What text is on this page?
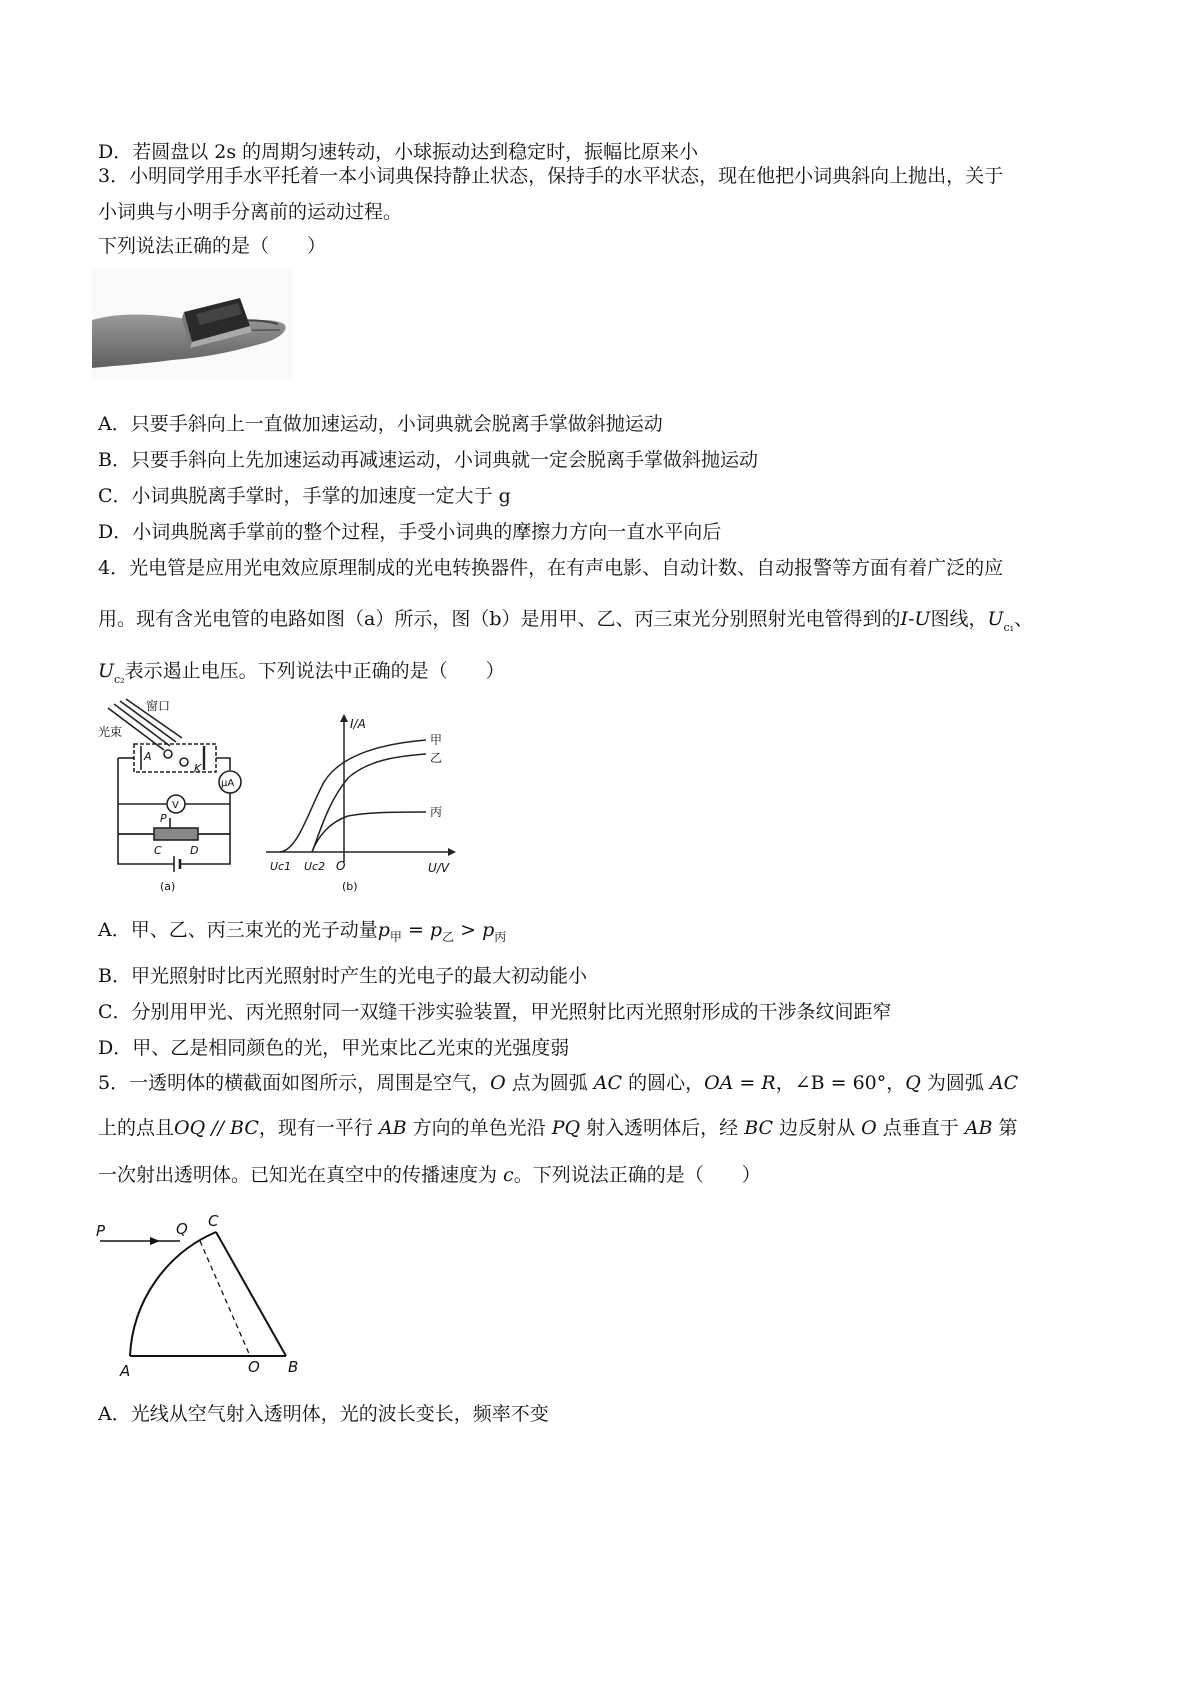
D．若圆盘以 2s 的周期匀速转动，小球振动达到稳定时，振幅比原来小
3．小明同学用手水平托着一本小词典保持静止状态，保持手的水平状态，现在他把小词典斜向上抛出，关于
小词典与小明手分离前的运动过程。
下列说法正确的是（　　）
A．只要手斜向上一直做加速运动，小词典就会脱离手掌做斜抛运动
B．只要手斜向上先加速运动再减速运动，小词典就一定会脱离手掌做斜抛运动
C．小词典脱离手掌时，手掌的加速度一定大于 g
D．小词典脱离手掌前的整个过程，手受小词典的摩擦力方向一直水平向后
4．光电管是应用光电效应原理制成的光电转换器件，在有声电影、自动计数、自动报警等方面有着广泛的应
用。现有含光电管的电路如图（a）所示，图（b）是用甲、乙、丙三束光分别照射光电管得到的I-U图线，$U_{c_1}$、
$U_{c_2}$表示遏止电压。下列说法中正确的是（　　）
窗口
光束
A
K
μA
V
P
C	D
(a)
I/A
U/V
O
Uc1 Uc2
甲
乙
丙
(b)
A．甲、乙、丙三束光的光子动量$p_甲 = p_乙 > p_丙$
B．甲光照射时比丙光照射时产生的光电子的最大初动能小
C．分别用甲光、丙光照射同一双缝干涉实验装置，甲光照射比丙光照射形成的干涉条纹间距窄
D．甲、乙是相同颜色的光，甲光束比乙光束的光强度弱
5．一透明体的横截面如图所示，周围是空气，O 点为圆弧 AC 的圆心，OA = R，∠B = 60°，Q 为圆弧 AC
上的点且OQ // BC，现有一平行 AB 方向的单色光沿 PQ 射入透明体后，经 BC 边反射从 O 点垂直于 AB 第
一次射出透明体。已知光在真空中的传播速度为 c。下列说法正确的是（　　）
P	Q C
A	O B
A．光线从空气射入透明体，光的波长变长，频率不变
